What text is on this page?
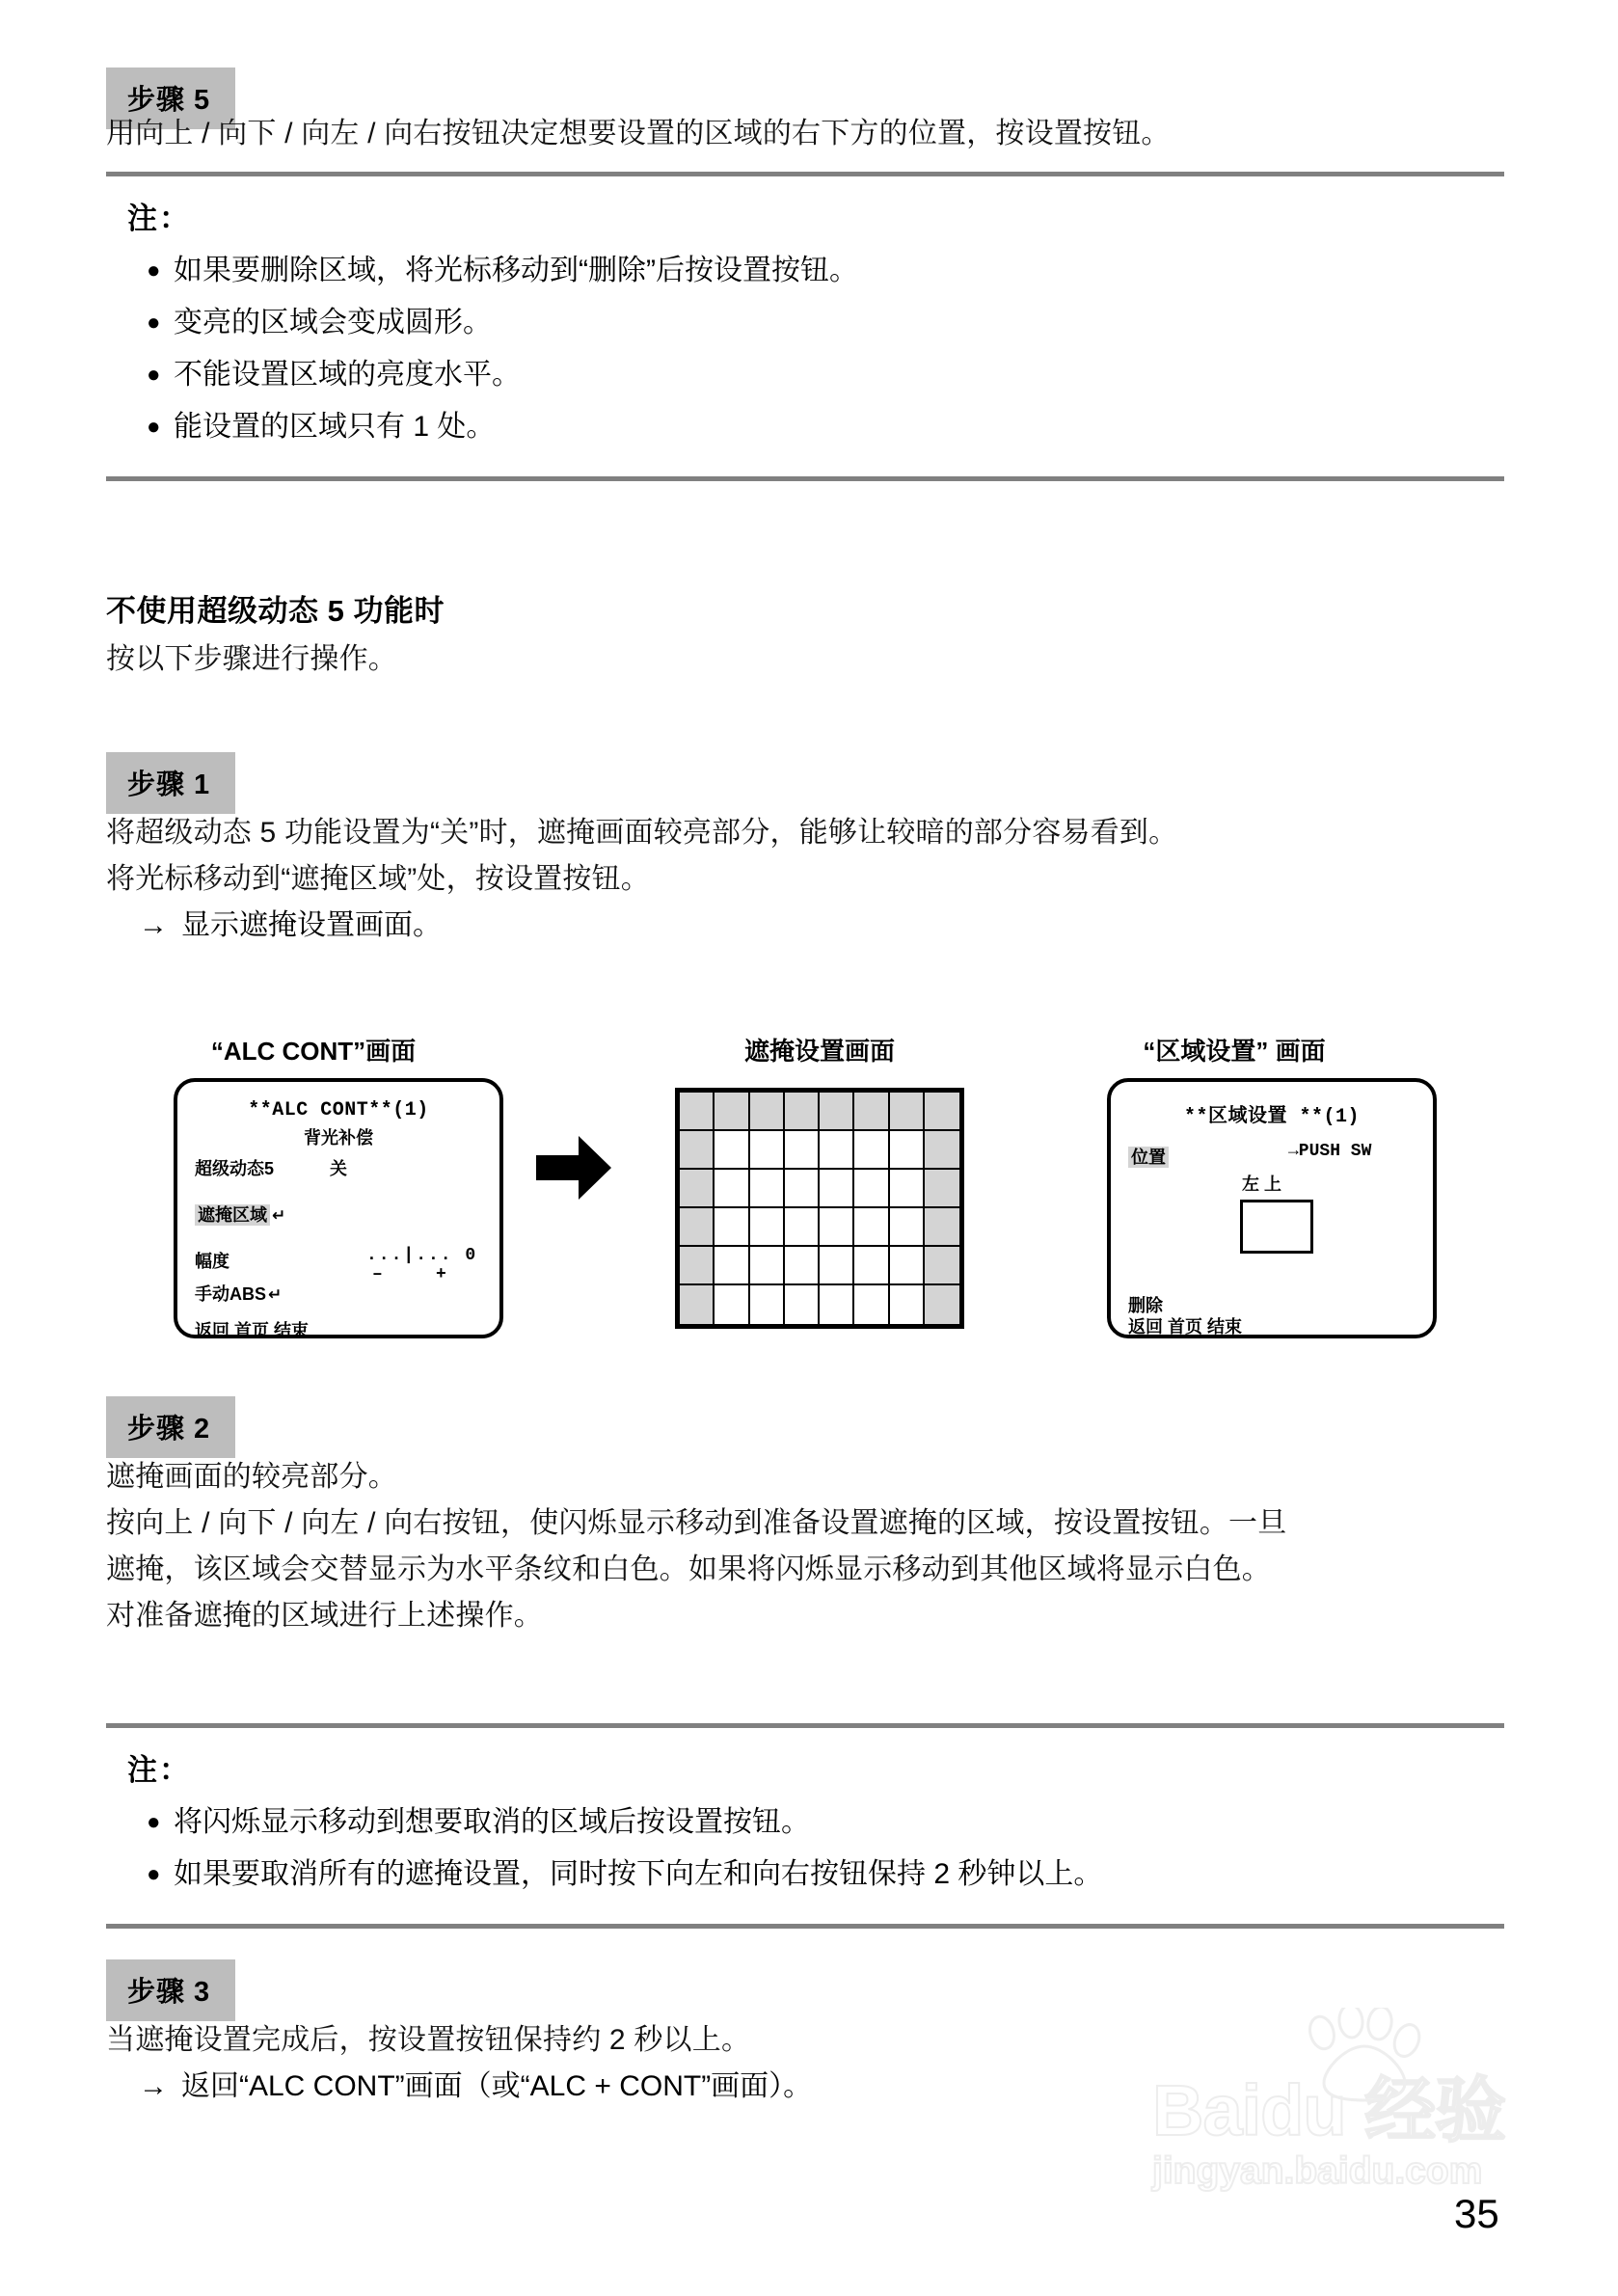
步骤 5
用向上 / 向下 / 向左 / 向右按钮决定想要设置的区域的右下方的位置，按设置按钮。
注：
● 如果要删除区域，将光标移动到“删除”后按设置按钮。
● 变亮的区域会变成圆形。
● 不能设置区域的亮度水平。
● 能设置的区域只有 1 处。
不使用超级动态 5 功能时
按以下步骤进行操作。
步骤 1
将超级动态 5 功能设置为“关”时，遮掩画面较亮部分，能够让较暗的部分容易看到。
将光标移动到“遮掩区域”处，按设置按钮。
→ 显示遮掩设置画面。
“ALC CONT”画面
**ALC CONT**(1)
背光补偿
超级动态5	关
遮掩区域 ↵
幅度	...|... 0
–	+
手动ABS ↵
返回 首页 结束
遮掩设置画面	“区域设置” 画面
**区域设置 **(1)
位置	→PUSH SW
左 上
删除
返回 首页 结束
步骤 2
遮掩画面的较亮部分。
按向上 / 向下 / 向左 / 向右按钮，使闪烁显示移动到准备设置遮掩的区域，按设置按钮。一旦
遮掩，该区域会交替显示为水平条纹和白色。如果将闪烁显示移动到其他区域将显示白色。
对准备遮掩的区域进行上述操作。
注：
● 将闪烁显示移动到想要取消的区域后按设置按钮。
● 如果要取消所有的遮掩设置，同时按下向左和向右按钮保持 2 秒钟以上。
步骤 3
当遮掩设置完成后，按设置按钮保持约 2 秒以上。
→ 返回“ALC CONT”画面（或“ALC + CONT”画面）。	Baidu 经验
jingyan.baidu.com
35
